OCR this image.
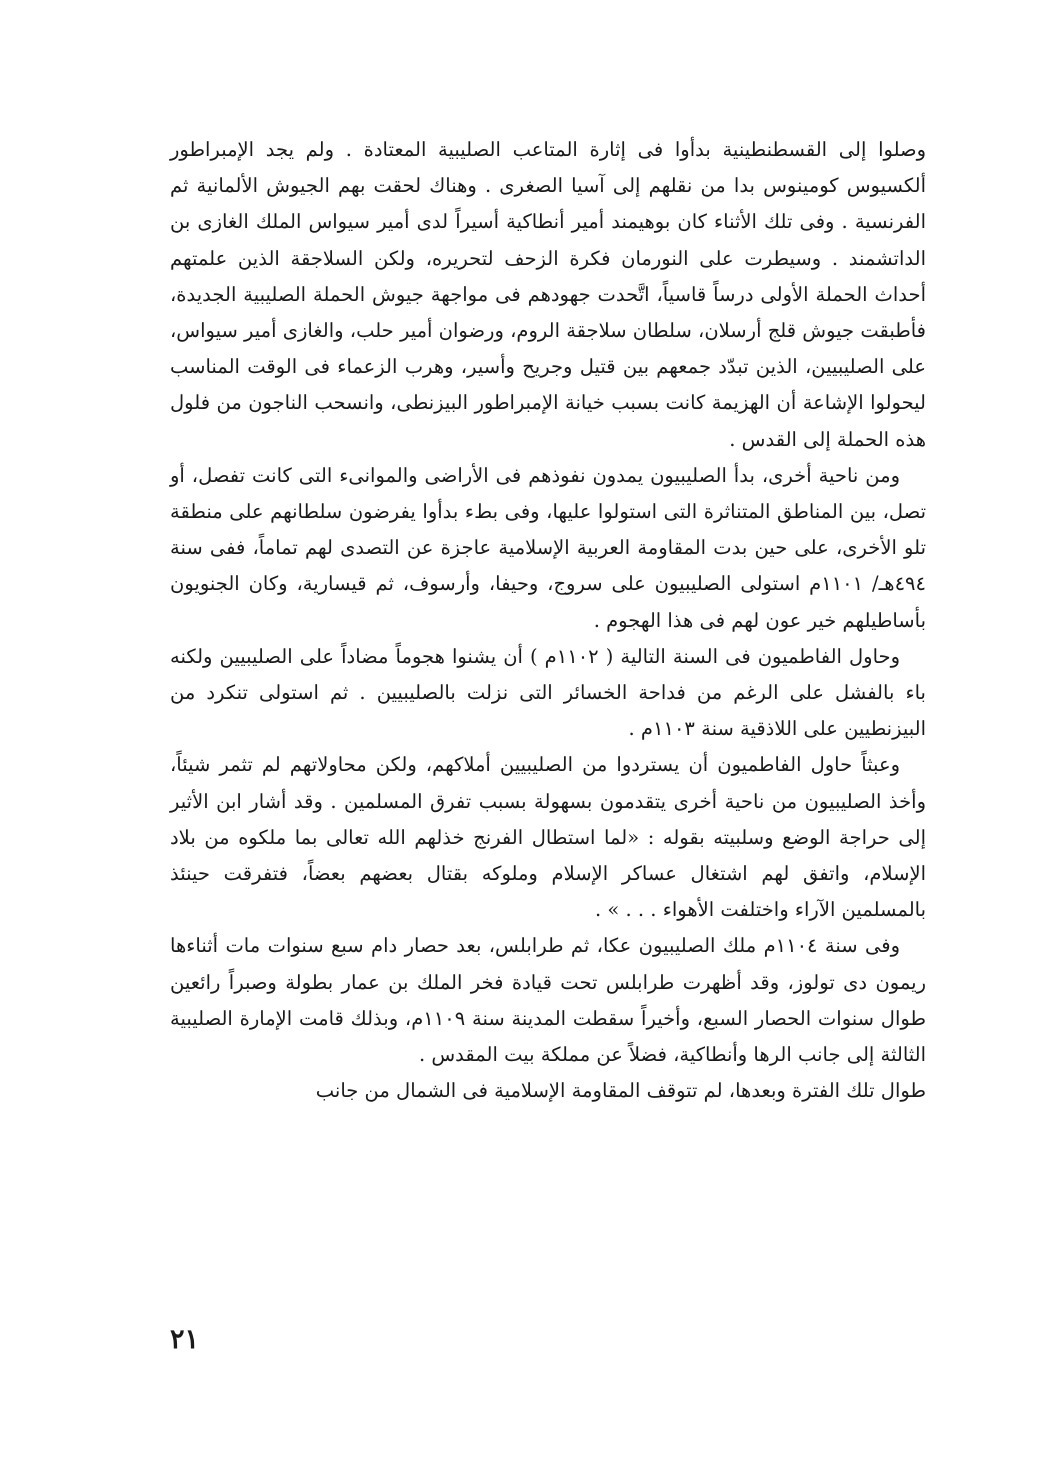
وصلوا إلى القسطنطينية بدأوا فى إثارة المتاعب الصليبية المعتادة . ولم يجد الإمبراطور ألكسيوس كومينوس بدا من نقلهم إلى آسيا الصغرى . وهناك لحقت بهم الجيوش الألمانية ثم الفرنسية . وفى تلك الأثناء كان بوهيمند أمير أنطاكية أسيراً لدى أمير سيواس الملك الغازى بن الداتشمند . وسيطرت على النورمان فكرة الزحف لتحريره، ولكن السلاجقة الذين علمتهم أحداث الحملة الأولى درساً قاسياً، اتَّحدت جهودهم فى مواجهة جيوش الحملة الصليبية الجديدة، فأطبقت جيوش قلج أرسلان، سلطان سلاجقة الروم، ورضوان أمير حلب، والغازى أمير سيواس، على الصليبيين، الذين تبدّد جمعهم بين قتيل وجريح وأسير، وهرب الزعماء فى الوقت المناسب ليحولوا الإشاعة أن الهزيمة كانت بسبب خيانة الإمبراطور البيزنطى، وانسحب الناجون من فلول هذه الحملة إلى القدس .

ومن ناحية أخرى، بدأ الصليبيون يمدون نفوذهم فى الأراضى والموانىء التى كانت تفصل، أو تصل، بين المناطق المتناثرة التى استولوا عليها، وفى بطء بدأوا يفرضون سلطانهم على منطقة تلو الأخرى، على حين بدت المقاومة العربية الإسلامية عاجزة عن التصدى لهم تماماً، ففى سنة ٤٩٤هـ/ ١١٠١م استولى الصليبيون على سروج، وحيفا، وأرسوف، ثم قيسارية، وكان الجنويون بأساطيلهم خير عون لهم فى هذا الهجوم .

وحاول الفاطميون فى السنة التالية ( ١١٠٢م ) أن يشنوا هجوماً مضاداً على الصليبيين ولكنه باء بالفشل على الرغم من فداحة الخسائر التى نزلت بالصليبيين . ثم استولى تنكرد من البيزنطيين على اللاذقية سنة ١١٠٣م .

وعبثاً حاول الفاطميون أن يستردوا من الصليبيين أملاكهم، ولكن محاولاتهم لم تثمر شيئاً، وأخذ الصليبيون من ناحية أخرى يتقدمون بسهولة بسبب تفرق المسلمين . وقد أشار ابن الأثير إلى حراجة الوضع وسلبيته بقوله : «لما استطال الفرنج خذلهم الله تعالى بما ملكوه من بلاد الإسلام، واتفق لهم اشتغال عساكر الإسلام وملوكه بقتال بعضهم بعضاً، فتفرقت حينئذ بالمسلمين الآراء واختلفت الأهواء . . . » .

وفى سنة ١١٠٤م ملك الصليبيون عكا، ثم طرابلس، بعد حصار دام سبع سنوات مات أثناءها ريمون دى تولوز، وقد أظهرت طرابلس تحت قيادة فخر الملك بن عمار بطولة وصبراً رائعين طوال سنوات الحصار السبع، وأخيراً سقطت المدينة سنة ١١٠٩م، وبذلك قامت الإمارة الصليبية الثالثة إلى جانب الرها وأنطاكية، فضلاً عن مملكة بيت المقدس .

طوال تلك الفترة وبعدها، لم تتوقف المقاومة الإسلامية فى الشمال من جانب

٢١
